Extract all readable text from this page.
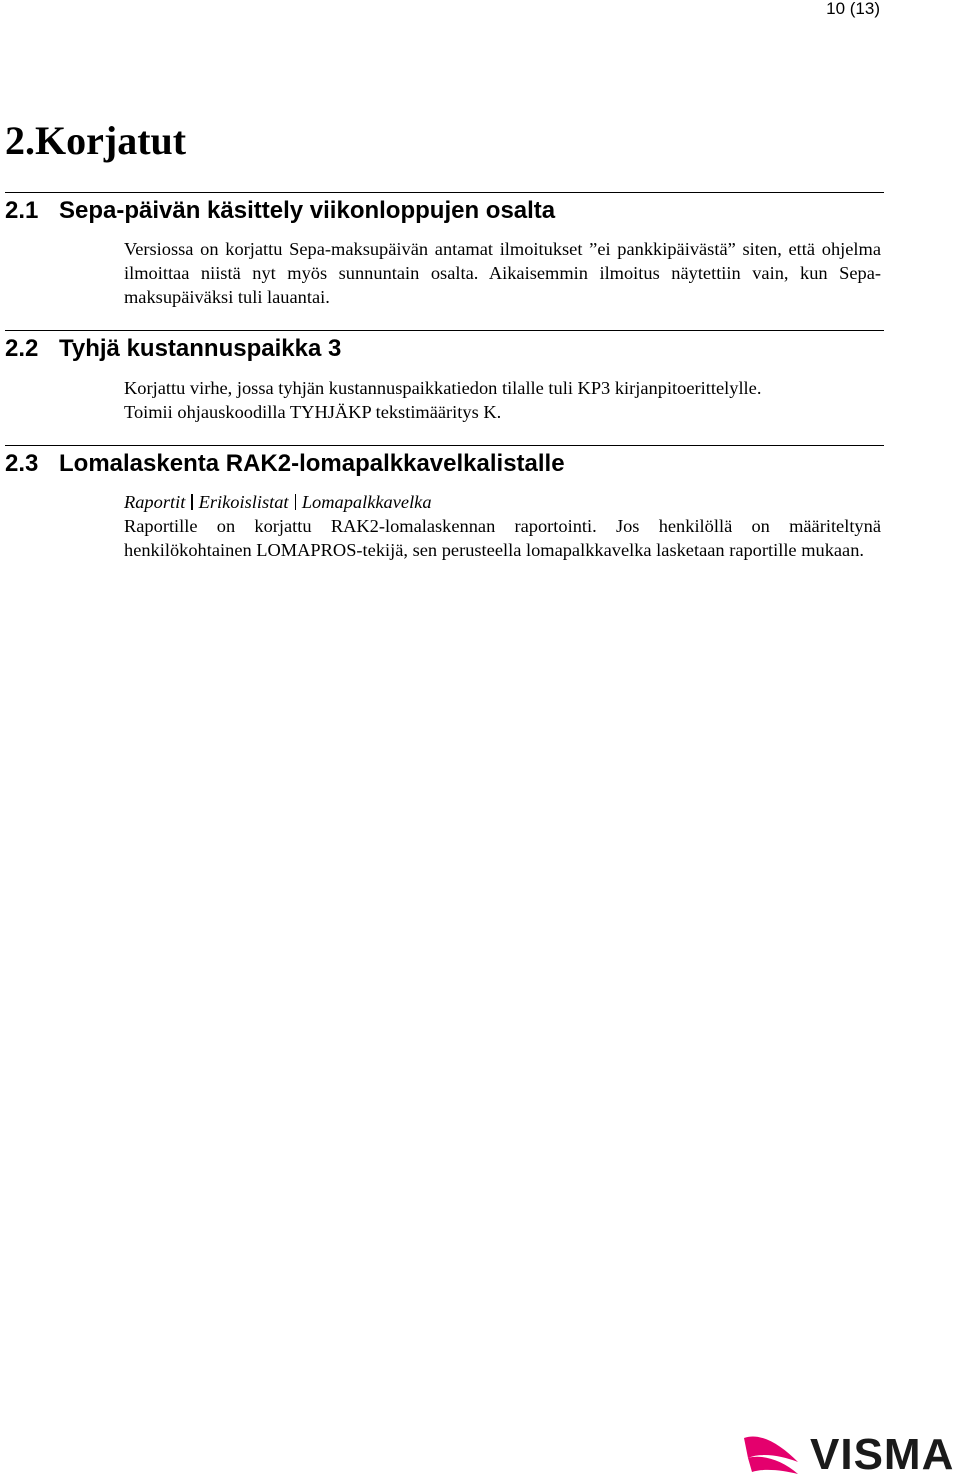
10 (13)
2.Korjatut
2.1 Sepa-päivän käsittely viikonloppujen osalta

Versiossa on korjattu Sepa-maksupäivän antamat ilmoitukset ”ei pankkipäivästä” siten, että ohjelma ilmoittaa niistä nyt myös sunnuntain osalta. Aikaisemmin ilmoitus näytettiin vain, kun Sepa-maksupäiväksi tuli lauantai.

2.2 Tyhjä kustannuspaikka 3
Korjattu virhe, jossa tyhjän kustannuspaikkatiedon tilalle tuli KP3 kirjanpitoerittelylle.
Toimii ohjauskoodilla TYHJÄKP tekstimääritys K.
2.3 Lomalaskenta RAK2-lomapalkkavelkalistalle
Raportit Erikoislistat Lomapalkkavelka

Raportille on korjattu RAK2-lomalaskennan raportointi. Jos henkilöllä on määriteltynä henkilökohtainen LOMAPROS-tekijä, sen perusteella lomapalkkavelka lasketaan raportille mukaan.

VISMA
